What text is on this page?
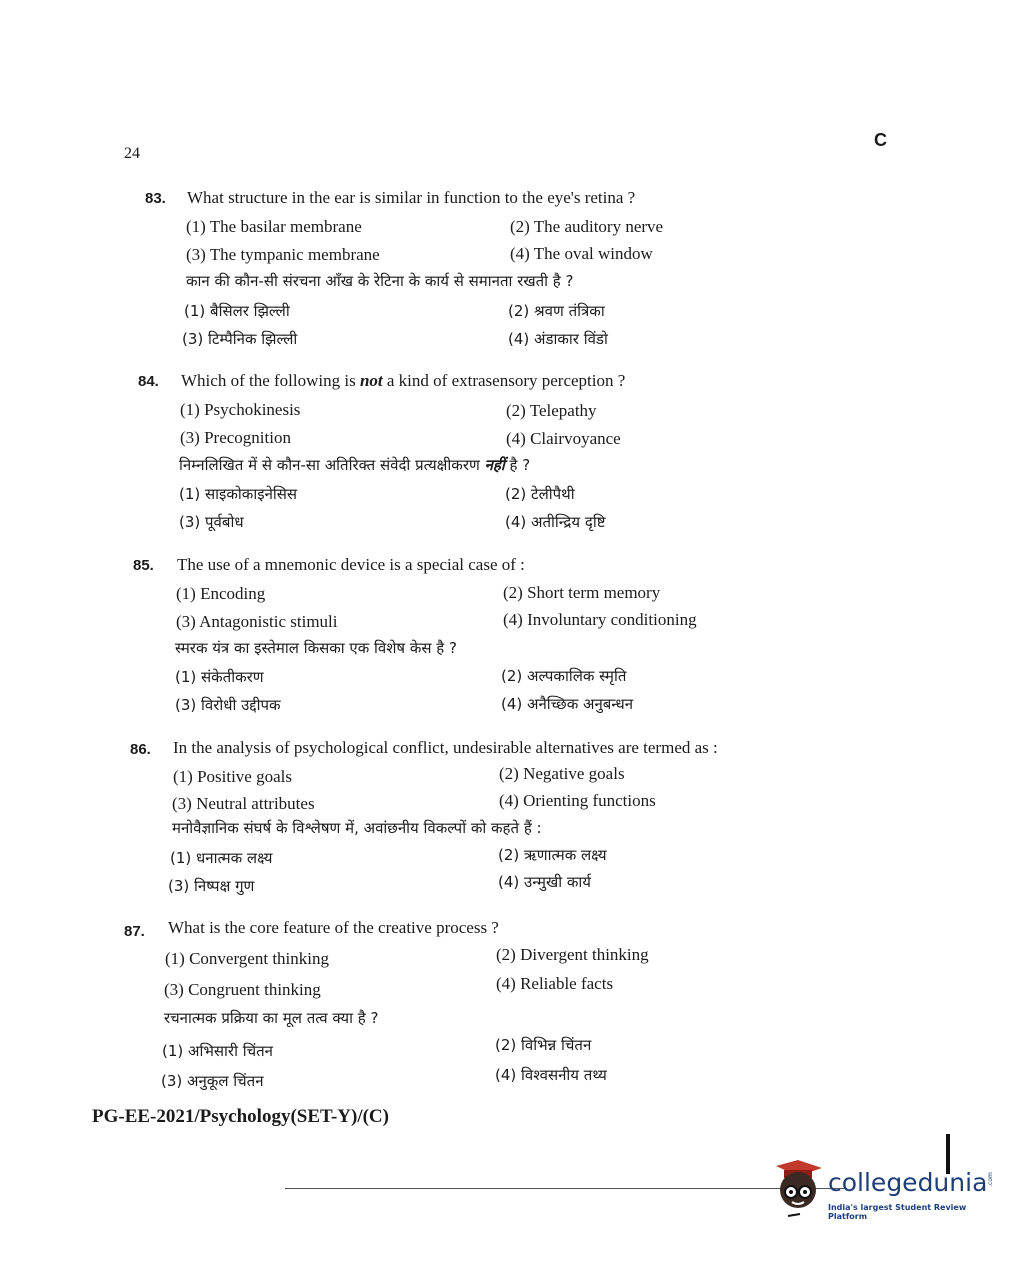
24
C
83. What structure in the ear is similar in function to the eye's retina ?
(1) The basilar membrane	(2) The auditory nerve
(3) The tympanic membrane	(4) The oval window
कान की कौन-सी संरचना आँख के रेटिना के कार्य से समानता रखती है ?
(1) बैसिलर झिल्ली	(2) श्रवण तंत्रिका
(3) टिम्पैनिक झिल्ली	(4) अंडाकार विंडो
84. Which of the following is not a kind of extrasensory perception ?
(1) Psychokinesis	(2) Telepathy
(3) Precognition	(4) Clairvoyance
निम्नलिखित में से कौन-सा अतिरिक्त संवेदी प्रत्यक्षीकरण नहीं है ?
(1) साइकोकाइनेसिस	(2) टेलीपैथी
(3) पूर्वबोध	(4) अतीन्द्रिय दृष्टि
85. The use of a mnemonic device is a special case of :
(1) Encoding	(2) Short term memory
(3) Antagonistic stimuli	(4) Involuntary conditioning
स्मरक यंत्र का इस्तेमाल किसका एक विशेष केस है ?
(1) संकेतीकरण	(2) अल्पकालिक स्मृति
(3) विरोधी उद्दीपक	(4) अनैच्छिक अनुबन्धन
86. In the analysis of psychological conflict, undesirable alternatives are termed as :
(1) Positive goals	(2) Negative goals
(3) Neutral attributes	(4) Orienting functions
मनोवैज्ञानिक संघर्ष के विश्लेषण में, अवांछनीय विकल्पों को कहते हैं :
(1) धनात्मक लक्ष्य	(2) ऋणात्मक लक्ष्य
(3) निष्पक्ष गुण	(4) उन्मुखी कार्य
87. What is the core feature of the creative process ?
(1) Convergent thinking	(2) Divergent thinking
(3) Congruent thinking	(4) Reliable facts
रचनात्मक प्रक्रिया का मूल तत्व क्या है ?
(1) अभिसारी चिंतन	(2) विभिन्न चिंतन
(3) अनुकूल चिंतन	(4) विश्वसनीय तथ्य
PG-EE-2021/Psychology(SET-Y)/(C)
collegedunia .com
India's largest Student Review Platform
